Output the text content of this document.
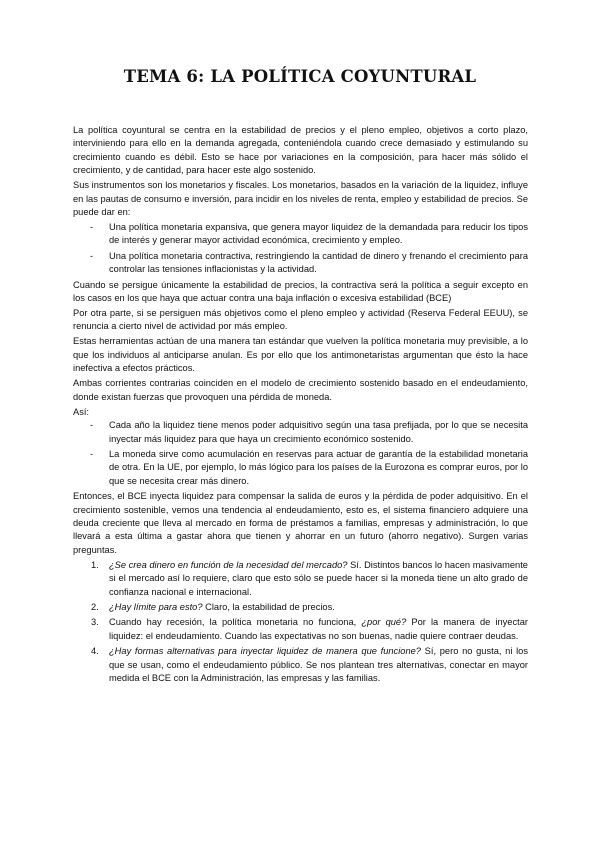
TEMA 6: LA POLÍTICA COYUNTURAL

La política coyuntural se centra en la estabilidad de precios y el pleno empleo, objetivos a corto plazo, interviniendo para ello en la demanda agregada, conteniéndola cuando crece demasiado y estimulando su crecimiento cuando es débil. Esto se hace por variaciones en la composición, para hacer más sólido el crecimiento, y de cantidad, para hacer este algo sostenido.

Sus instrumentos son los monetarios y fiscales. Los monetarios, basados en la variación de la liquidez, influye en las pautas de consumo e inversión, para incidir en los niveles de renta, empleo y estabilidad de precios. Se puede dar en:

- Una política monetaria expansiva, que genera mayor liquidez de la demandada para reducir los tipos de interés y generar mayor actividad económica, crecimiento y empleo.
- Una política monetaria contractiva, restringiendo la cantidad de dinero y frenando el crecimiento para controlar las tensiones inflacionistas y la actividad.

Cuando se persigue únicamente la estabilidad de precios, la contractiva será la política a seguir excepto en los casos en los que haya que actuar contra una baja inflación o excesiva estabilidad (BCE)

Por otra parte, si se persiguen más objetivos como el pleno empleo y actividad (Reserva Federal EEUU), se renuncia a cierto nivel de actividad por más empleo.

Estas herramientas actúan de una manera tan estándar que vuelven la política monetaria muy previsible, a lo que los individuos al anticiparse anulan. Es por ello que los antimonetaristas argumentan que ésto la hace inefectiva a efectos prácticos.

Ambas corrientes contrarias coinciden en el modelo de crecimiento sostenido basado en el endeudamiento, donde existan fuerzas que provoquen una pérdida de moneda.

Así:

- Cada año la liquidez tiene menos poder adquisitivo según una tasa prefijada, por lo que se necesita inyectar más liquidez para que haya un crecimiento económico sostenido.
- La moneda sirve como acumulación en reservas para actuar de garantía de la estabilidad monetaria de otra. En la UE, por ejemplo, lo más lógico para los países de la Eurozona es comprar euros, por lo que se necesita crear más dinero.

Entonces, el BCE inyecta liquidez para compensar la salida de euros y la pérdida de poder adquisitivo. En el crecimiento sostenible, vemos una tendencia al endeudamiento, esto es, el sistema financiero adquiere una deuda creciente que lleva al mercado en forma de préstamos a familias, empresas y administración, lo que llevará a esta última a gastar ahora que tienen y ahorrar en un futuro (ahorro negativo). Surgen varias preguntas.

1. ¿Se crea dinero en función de la necesidad del mercado? Sí. Distintos bancos lo hacen masivamente si el mercado así lo requiere, claro que esto sólo se puede hacer si la moneda tiene un alto grado de confianza nacional e internacional.
2. ¿Hay límite para esto? Claro, la estabilidad de precios.
3. Cuando hay recesión, la política monetaria no funciona, ¿por qué? Por la manera de inyectar liquidez: el endeudamiento. Cuando las expectativas no son buenas, nadie quiere contraer deudas.
4. ¿Hay formas alternativas para inyectar liquidez de manera que funcione? Sí, pero no gusta, ni los que se usan, como el endeudamiento público. Se nos plantean tres alternativas, conectar en mayor medida el BCE con la Administración, las empresas y las familias.
